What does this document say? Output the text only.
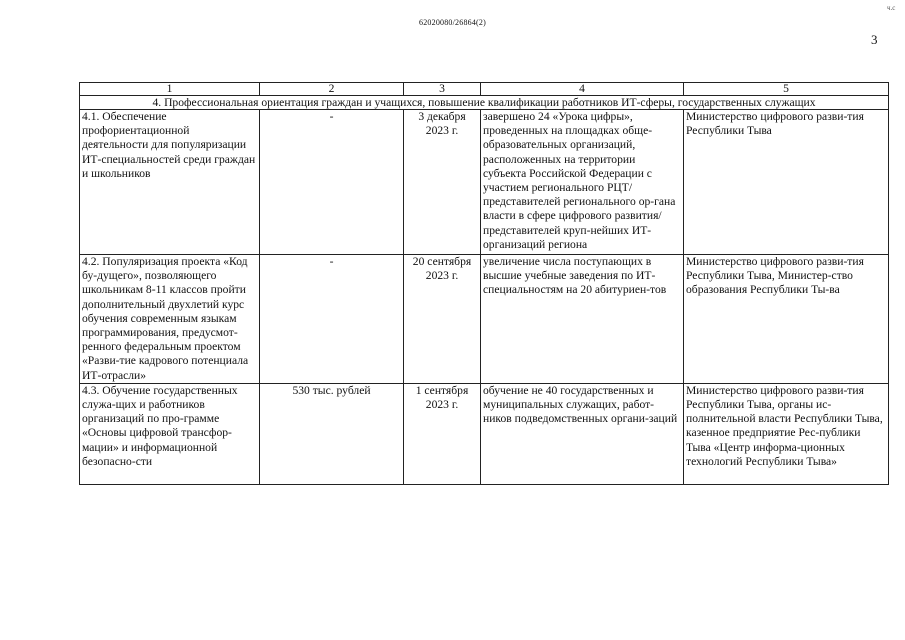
62020080/26864(2)
3
ч.с
1	2	3	4	5
4. Профессиональная ориентация граждан и учащихся, повышение квалификации работников ИТ-сферы, государственных служащих				
4.1. Обеспечение профориентационной деятельности для популяризации ИТ-специальностей среди граждан и школьников	-	3 декабря 2023 г.	завершено 24 «Урока цифры», проведенных на площадках обще-образовательных организаций, расположенных на территории субъекта Российской Федерации с участием регионального РЦТ/ представителей регионального ор-гана власти в сфере цифрового развития/ представителей круп-нейших ИТ-организаций региона	Министерство цифрового разви-тия Республики Тыва
4.2. Популяризация проекта «Код бу-дущего», позволяющего школьникам 8-11 классов пройти дополнительный двухлетий курс обучения современным языкам программирования, предусмот-ренного федеральным проектом «Разви-тие кадрового потенциала ИТ-отрасли»	-	20 сентября 2023 г.	увеличение числа поступающих в высшие учебные заведения по ИТ-специальностям на 20 абитуриен-тов	Министерство цифрового разви-тия Республики Тыва, Министер-ство образования Республики Ты-ва
4.3. Обучение государственных служа-щих и работников организаций по про-грамме «Основы цифровой трансфор-мации» и информационной безопасно-сти	530 тыс. рублей	1 сентября 2023 г.	обучение не 40 государственных и муниципальных служащих, работ-ников подведомственных органи-заций	Министерство цифрового разви-тия Республики Тыва, органы ис-полнительной власти Республики Тыва, казенное предприятие Рес-публики Тыва «Центр информа-ционных технологий Республики Тыва»
